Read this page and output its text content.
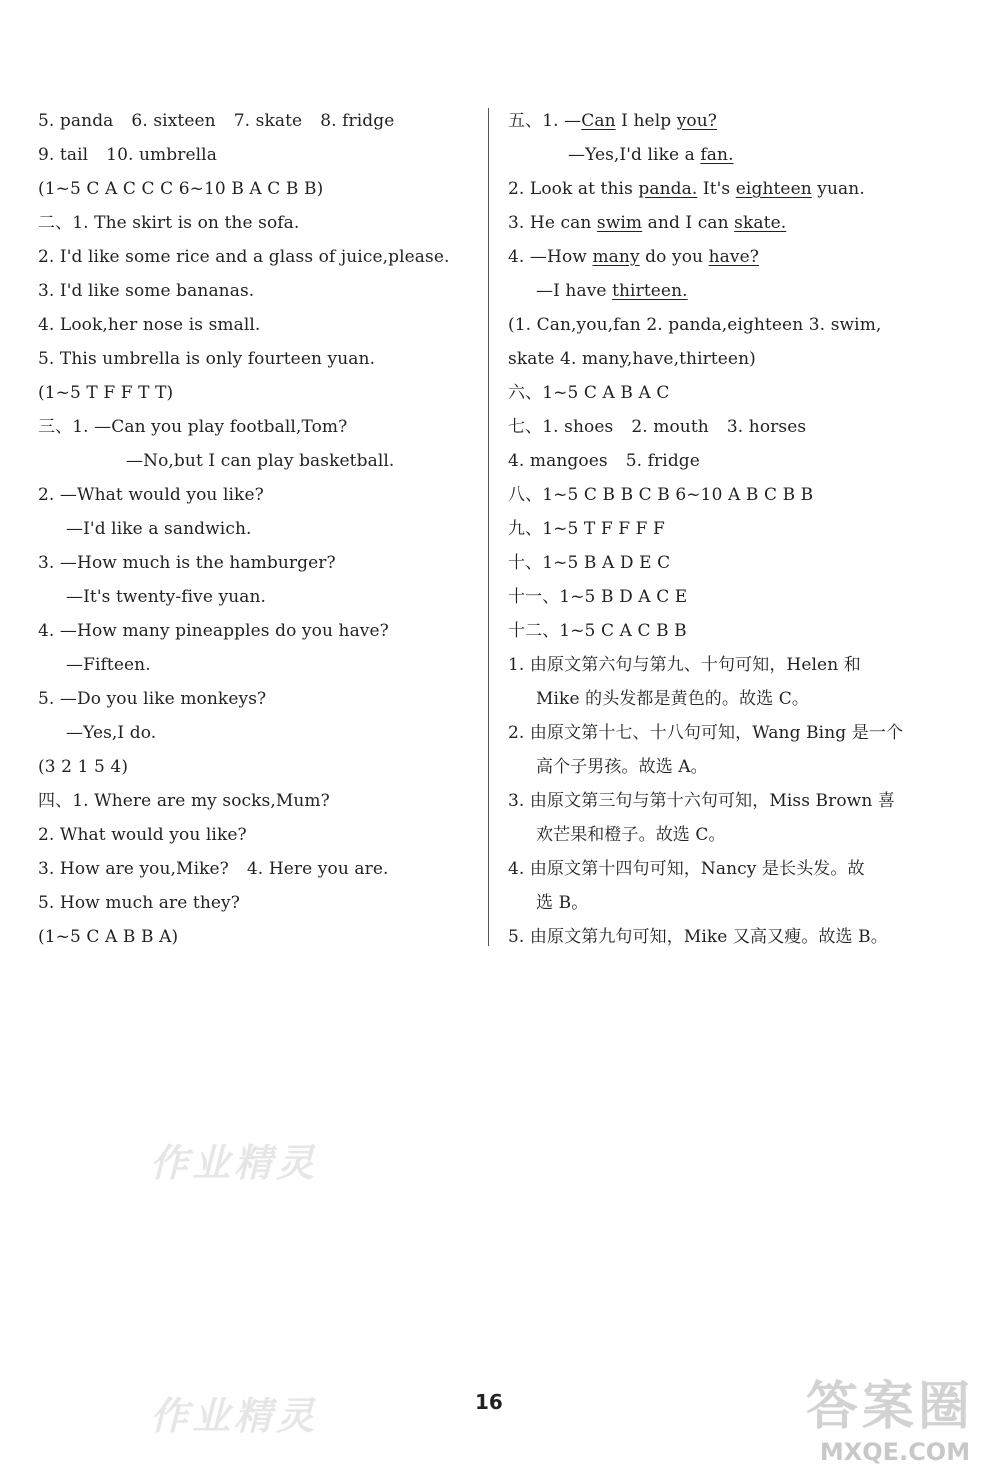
5. panda 6. sixteen 7. skate 8. fridge
9. tail 10. umbrella
(1~5 C A C C C 6~10 B A C B B)
二、1. The skirt is on the sofa.
2. I'd like some rice and a glass of juice,please.
3. I'd like some bananas.
4. Look,her nose is small.
5. This umbrella is only fourteen yuan.
(1~5 T F F T T)
三、1. —Can you play football,Tom?
—No,but I can play basketball.
2. —What would you like?
—I'd like a sandwich.
3. —How much is the hamburger?
—It's twenty-five yuan.
4. —How many pineapples do you have?
—Fifteen.
5. —Do you like monkeys?
—Yes,I do.
(3 2 1 5 4)
四、1. Where are my socks,Mum?
2. What would you like?
3. How are you,Mike? 4. Here you are.
5. How much are they?
(1~5 C A B B A)
五、1. —Can I help you?
—Yes,I'd like a fan.
2. Look at this panda. It's eighteen yuan.
3. He can swim and I can skate.
4. —How many do you have?
—I have thirteen.
(1. Can,you,fan 2. panda,eighteen 3. swim,
skate 4. many,have,thirteen)
六、1~5 C A B A C
七、1. shoes 2. mouth 3. horses
4. mangoes 5. fridge
八、1~5 C B B C B 6~10 A B C B B
九、1~5 T F F F F
十、1~5 B A D E C
十一、1~5 B D A C E
十二、1~5 C A C B B
1. 由原文第六句与第九、十句可知，Helen 和
Mike 的头发都是黄色的。故选 C。
2. 由原文第十七、十八句可知，Wang Bing 是一个
高个子男孩。故选 A。
3. 由原文第三句与第十六句可知，Miss Brown 喜
欢芒果和橙子。故选 C。
4. 由原文第十四句可知，Nancy 是长头发。故
选 B。
5. 由原文第九句可知，Mike 又高又瘦。故选 B。
作业精灵
作业精灵	16	答案圈
MXQE.COM
